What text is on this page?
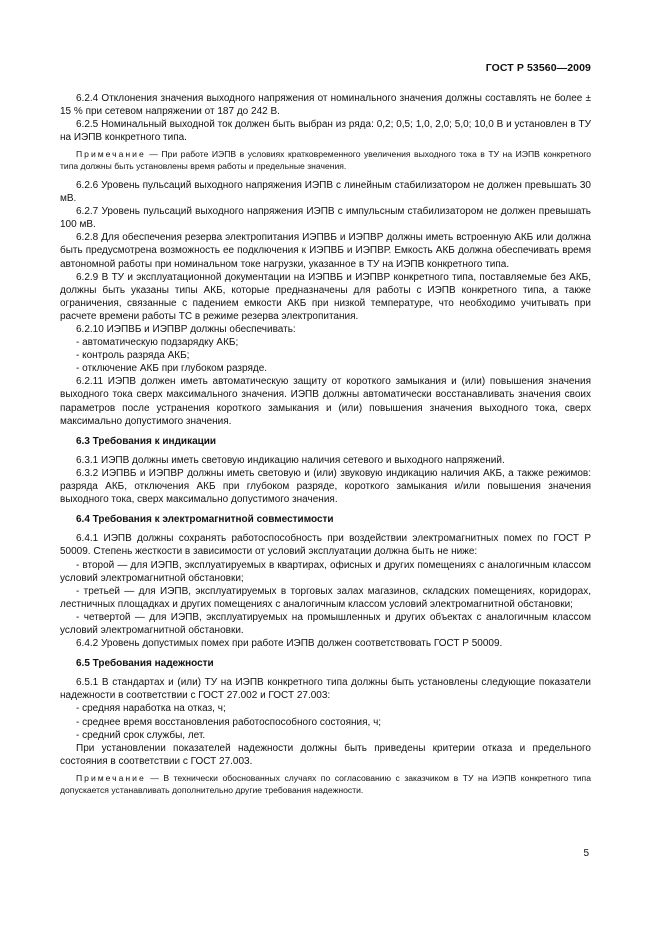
ГОСТ Р 53560—2009

6.2.4 Отклонения значения выходного напряжения от номинального значения должны составлять не более ± 15 % при сетевом напряжении от 187 до 242 В.

6.2.5 Номинальный выходной ток должен быть выбран из ряда: 0,2; 0,5; 1,0, 2,0; 5,0; 10,0 В и установлен в ТУ на ИЭПВ конкретного типа.

Примечание — При работе ИЭПВ в условиях кратковременного увеличения выходного тока в ТУ на ИЭПВ конкретного типа должны быть установлены время работы и предельные значения.

6.2.6 Уровень пульсаций выходного напряжения ИЭПВ с линейным стабилизатором не должен превышать 30 мВ.

6.2.7 Уровень пульсаций выходного напряжения ИЭПВ с импульсным стабилизатором не должен превышать 100 мВ.

6.2.8 Для обеспечения резерва электропитания ИЭПВБ и ИЭПВР должны иметь встроенную АКБ или должна быть предусмотрена возможность ее подключения к ИЭПВБ и ИЭПВР. Емкость АКБ должна обеспечивать время автономной работы при номинальном токе нагрузки, указанное в ТУ на ИЭПВ конкретного типа.

6.2.9 В ТУ и эксплуатационной документации на ИЭПВБ и ИЭПВР конкретного типа, поставляемые без АКБ, должны быть указаны типы АКБ, которые предназначены для работы с ИЭПВ конкретного типа, а также ограничения, связанные с падением емкости АКБ при низкой температуре, что необходимо учитывать при расчете времени работы ТС в режиме резерва электропитания.

6.2.10 ИЭПВБ и ИЭПВР должны обеспечивать:

- автоматическую подзарядку АКБ;

- контроль разряда АКБ;

- отключение АКБ при глубоком разряде.

6.2.11 ИЭПВ должен иметь автоматическую защиту от короткого замыкания и (или) повышения значения выходного тока сверх максимального значения. ИЭПВ должны автоматически восстанавливать значения своих параметров после устранения короткого замыкания и (или) повышения значения выходного тока, сверх максимально допустимого значения.

6.3 Требования к индикации

6.3.1 ИЭПВ должны иметь световую индикацию наличия сетевого и выходного напряжений.

6.3.2 ИЭПВБ и ИЭПВР должны иметь световую и (или) звуковую индикацию наличия АКБ, а также режимов: разряда АКБ, отключения АКБ при глубоком разряде, короткого замыкания и/или повышения значения выходного тока, сверх максимально допустимого значения.

6.4 Требования к электромагнитной совместимости

6.4.1 ИЭПВ должны сохранять работоспособность при воздействии электромагнитных помех по ГОСТ Р 50009. Степень жесткости в зависимости от условий эксплуатации должна быть не ниже:

- второй — для ИЭПВ, эксплуатируемых в квартирах, офисных и других помещениях с аналогичным классом условий электромагнитной обстановки;

- третьей — для ИЭПВ, эксплуатируемых в торговых залах магазинов, складских помещениях, коридорах, лестничных площадках и других помещениях с аналогичным классом условий электромагнитной обстановки;

- четвертой — для ИЭПВ, эксплуатируемых на промышленных и других объектах с аналогичным классом условий электромагнитной обстановки.

6.4.2 Уровень допустимых помех при работе ИЭПВ должен соответствовать ГОСТ Р 50009.

6.5 Требования надежности

6.5.1 В стандартах и (или) ТУ на ИЭПВ конкретного типа должны быть установлены следующие показатели надежности в соответствии с ГОСТ 27.002 и ГОСТ 27.003:

- средняя наработка на отказ, ч;

- среднее время восстановления работоспособного состояния, ч;

- средний срок службы, лет.

При установлении показателей надежности должны быть приведены критерии отказа и предельного состояния в соответствии с ГОСТ 27.003.

Примечание — В технически обоснованных случаях по согласованию с заказчиком в ТУ на ИЭПВ конкретного типа допускается устанавливать дополнительно другие требования надежности.

5
